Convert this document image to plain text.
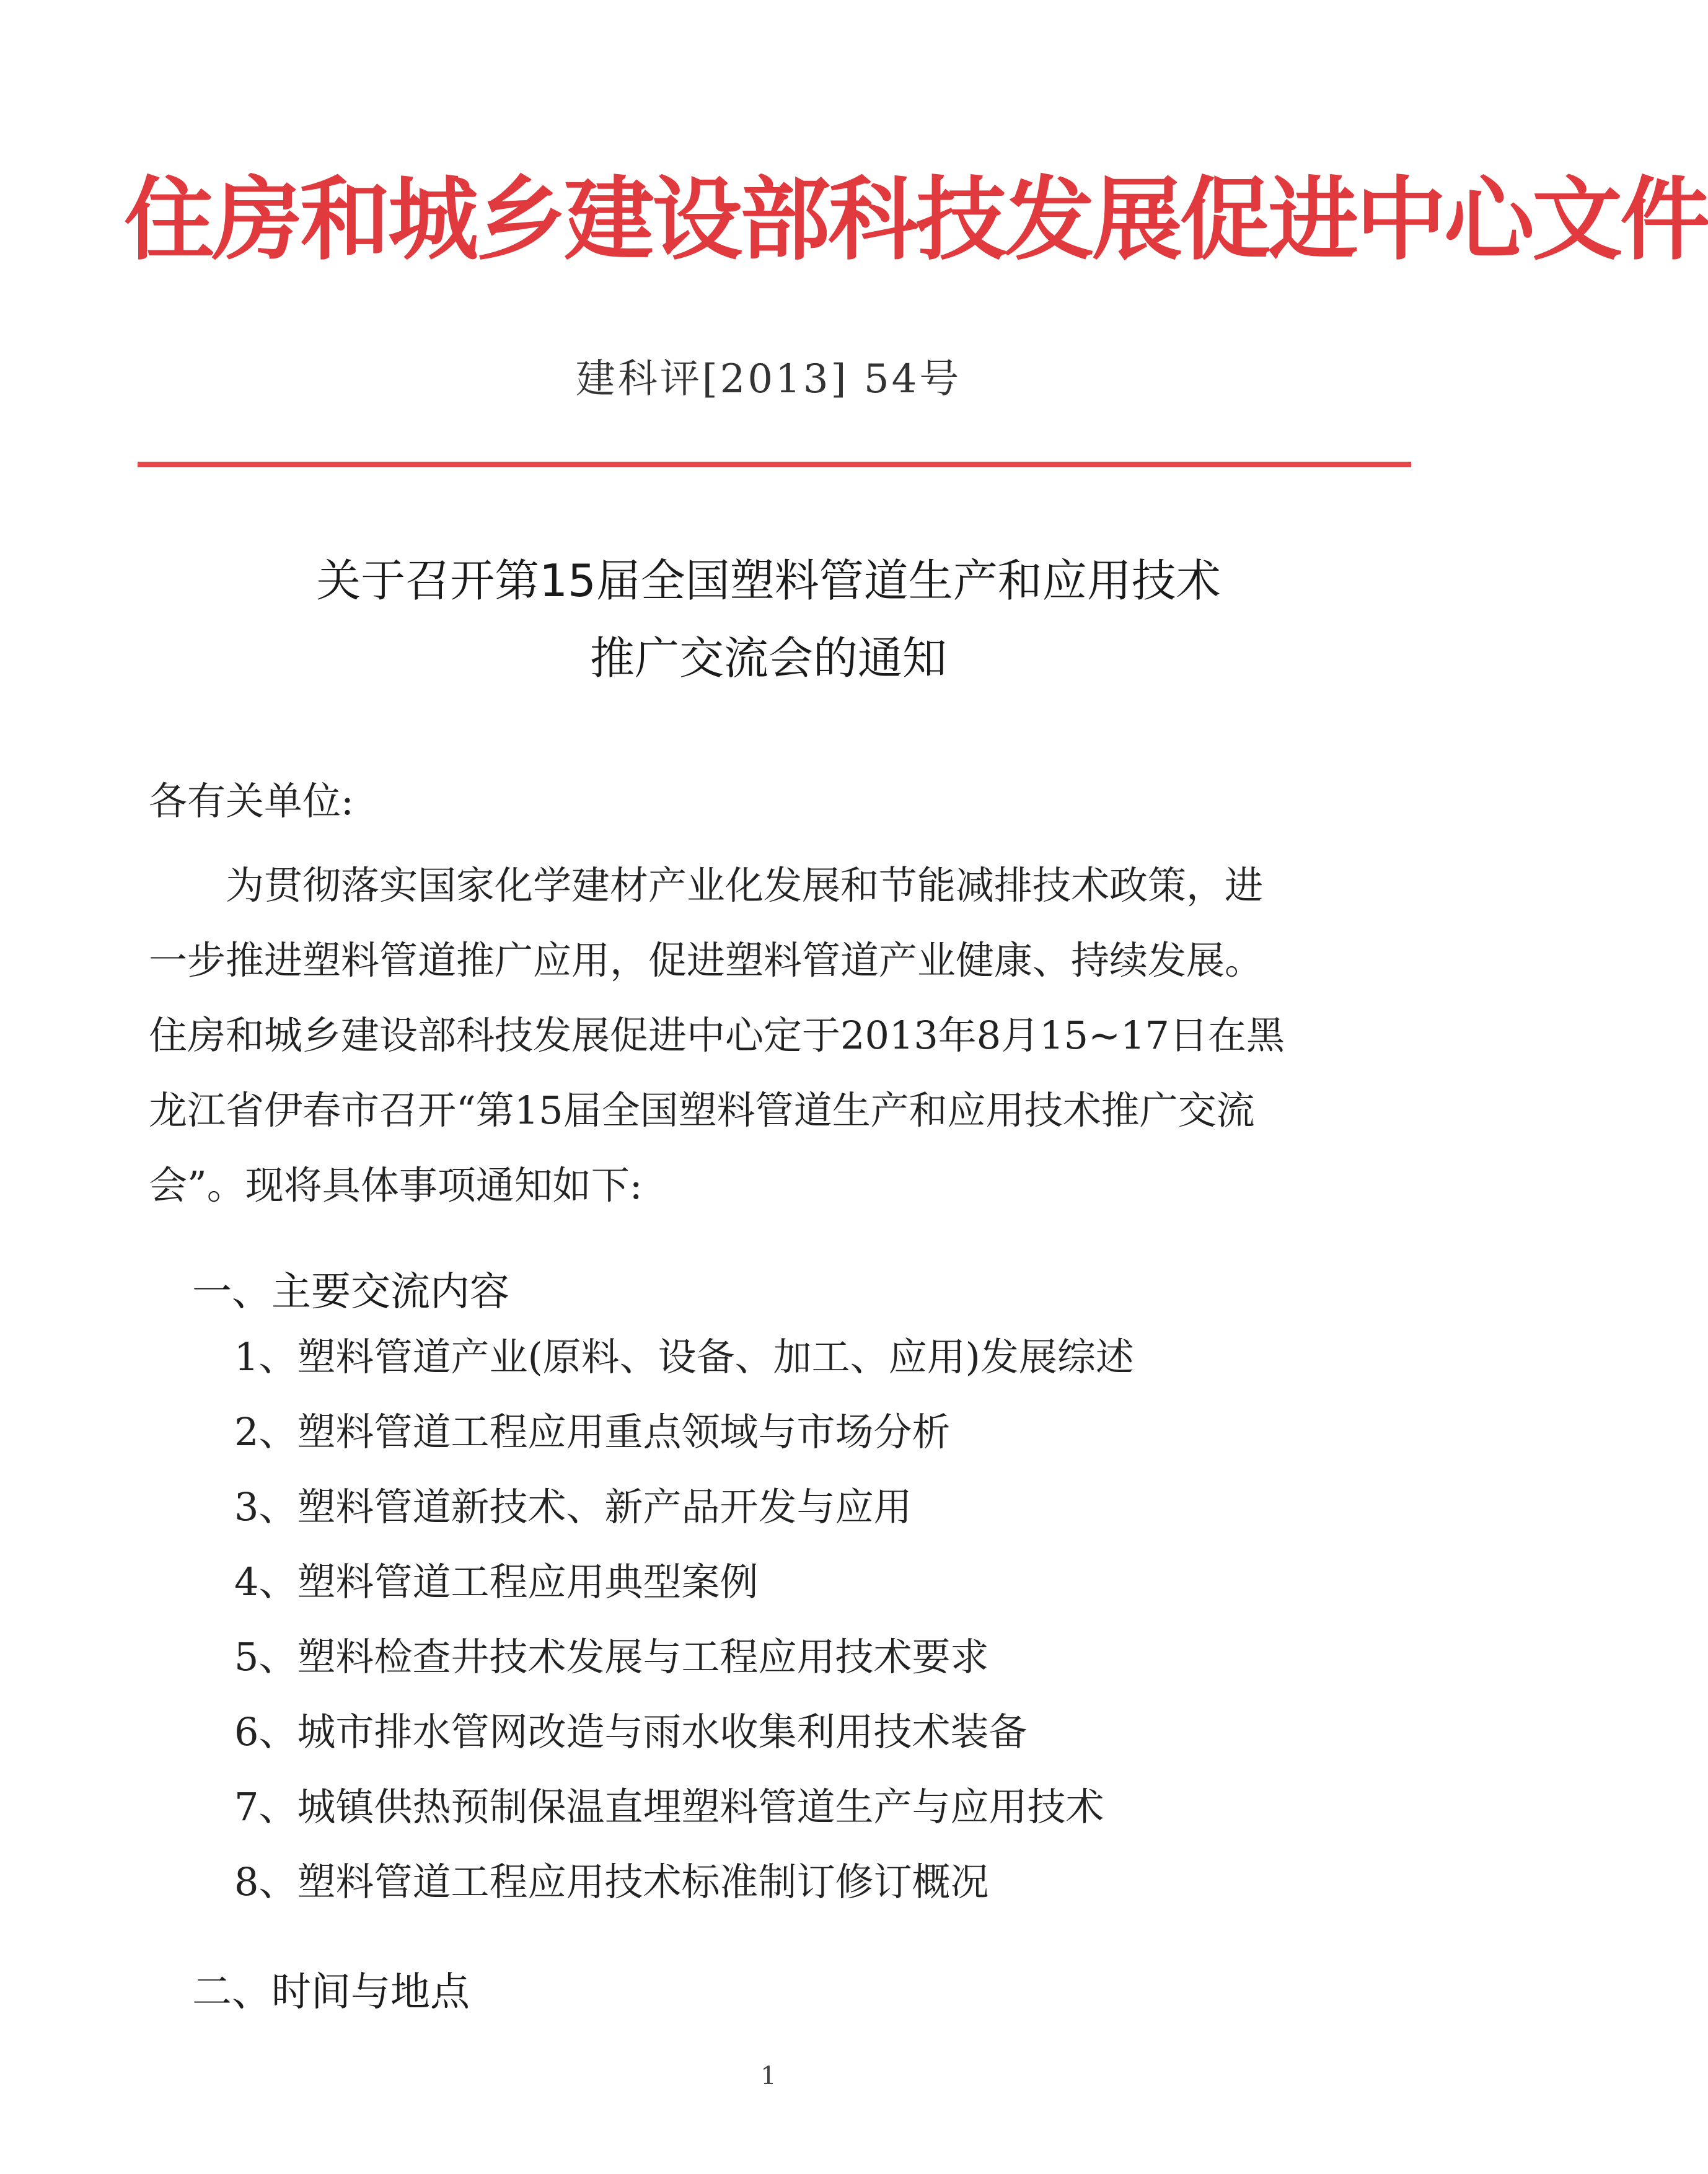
住房和城乡建设部科技发展促进中心文件
建科评[2013] 54号
关于召开第15届全国塑料管道生产和应用技术
推广交流会的通知
各有关单位:
为贯彻落实国家化学建材产业化发展和节能减排技术政策，进
一步推进塑料管道推广应用，促进塑料管道产业健康、持续发展。
住房和城乡建设部科技发展促进中心定于2013年8月15~17日在黑
龙江省伊春市召开“第15届全国塑料管道生产和应用技术推广交流
会”。现将具体事项通知如下:
一、主要交流内容
1、塑料管道产业(原料、设备、加工、应用)发展综述
2、塑料管道工程应用重点领域与市场分析
3、塑料管道新技术、新产品开发与应用
4、塑料管道工程应用典型案例
5、塑料检查井技术发展与工程应用技术要求
6、城市排水管网改造与雨水收集利用技术装备
7、城镇供热预制保温直埋塑料管道生产与应用技术
8、塑料管道工程应用技术标准制订修订概况
二、时间与地点
1
